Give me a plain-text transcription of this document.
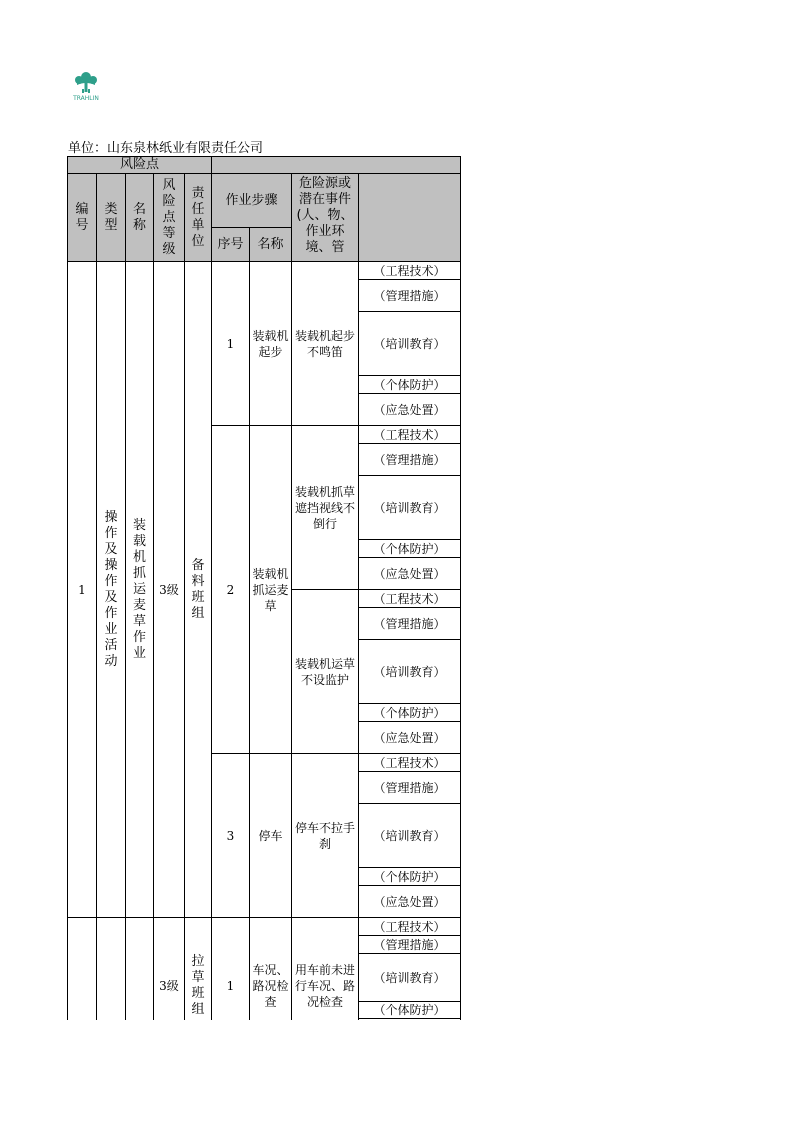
TRAHLIN
单位：山东泉林纸业有限责任公司
风险点
编
号
类
型
名
称
风
险
点
等
级
责
任
单
位
作业步骤
序号	名称
危险源或潜在事件(人、物、作业环境、管
1
操
作
及
操
作
及
作
业
活
动
装
载
机
抓
运
麦
草
作
业
3级
备
料
班
组
1
装载机起步
装载机起步不鸣笛
2
装载机抓运麦草
装载机抓草遮挡视线不倒行
装载机运草不设监护
3	停车
停车不拉手刹
3级
拉
草
班
组
1
车况、路况检查
用车前未进行车况、路况检查
（工程技术）
（管理措施）
（培训教育）
（个体防护）
（应急处置）
（工程技术）
（管理措施）
（培训教育）
（个体防护）
（应急处置）
（工程技术）
（管理措施）
（培训教育）
（个体防护）
（应急处置）
（工程技术）
（管理措施）
（培训教育）
（个体防护）
（应急处置）
（工程技术）
（管理措施）
（培训教育）
（个体防护）
